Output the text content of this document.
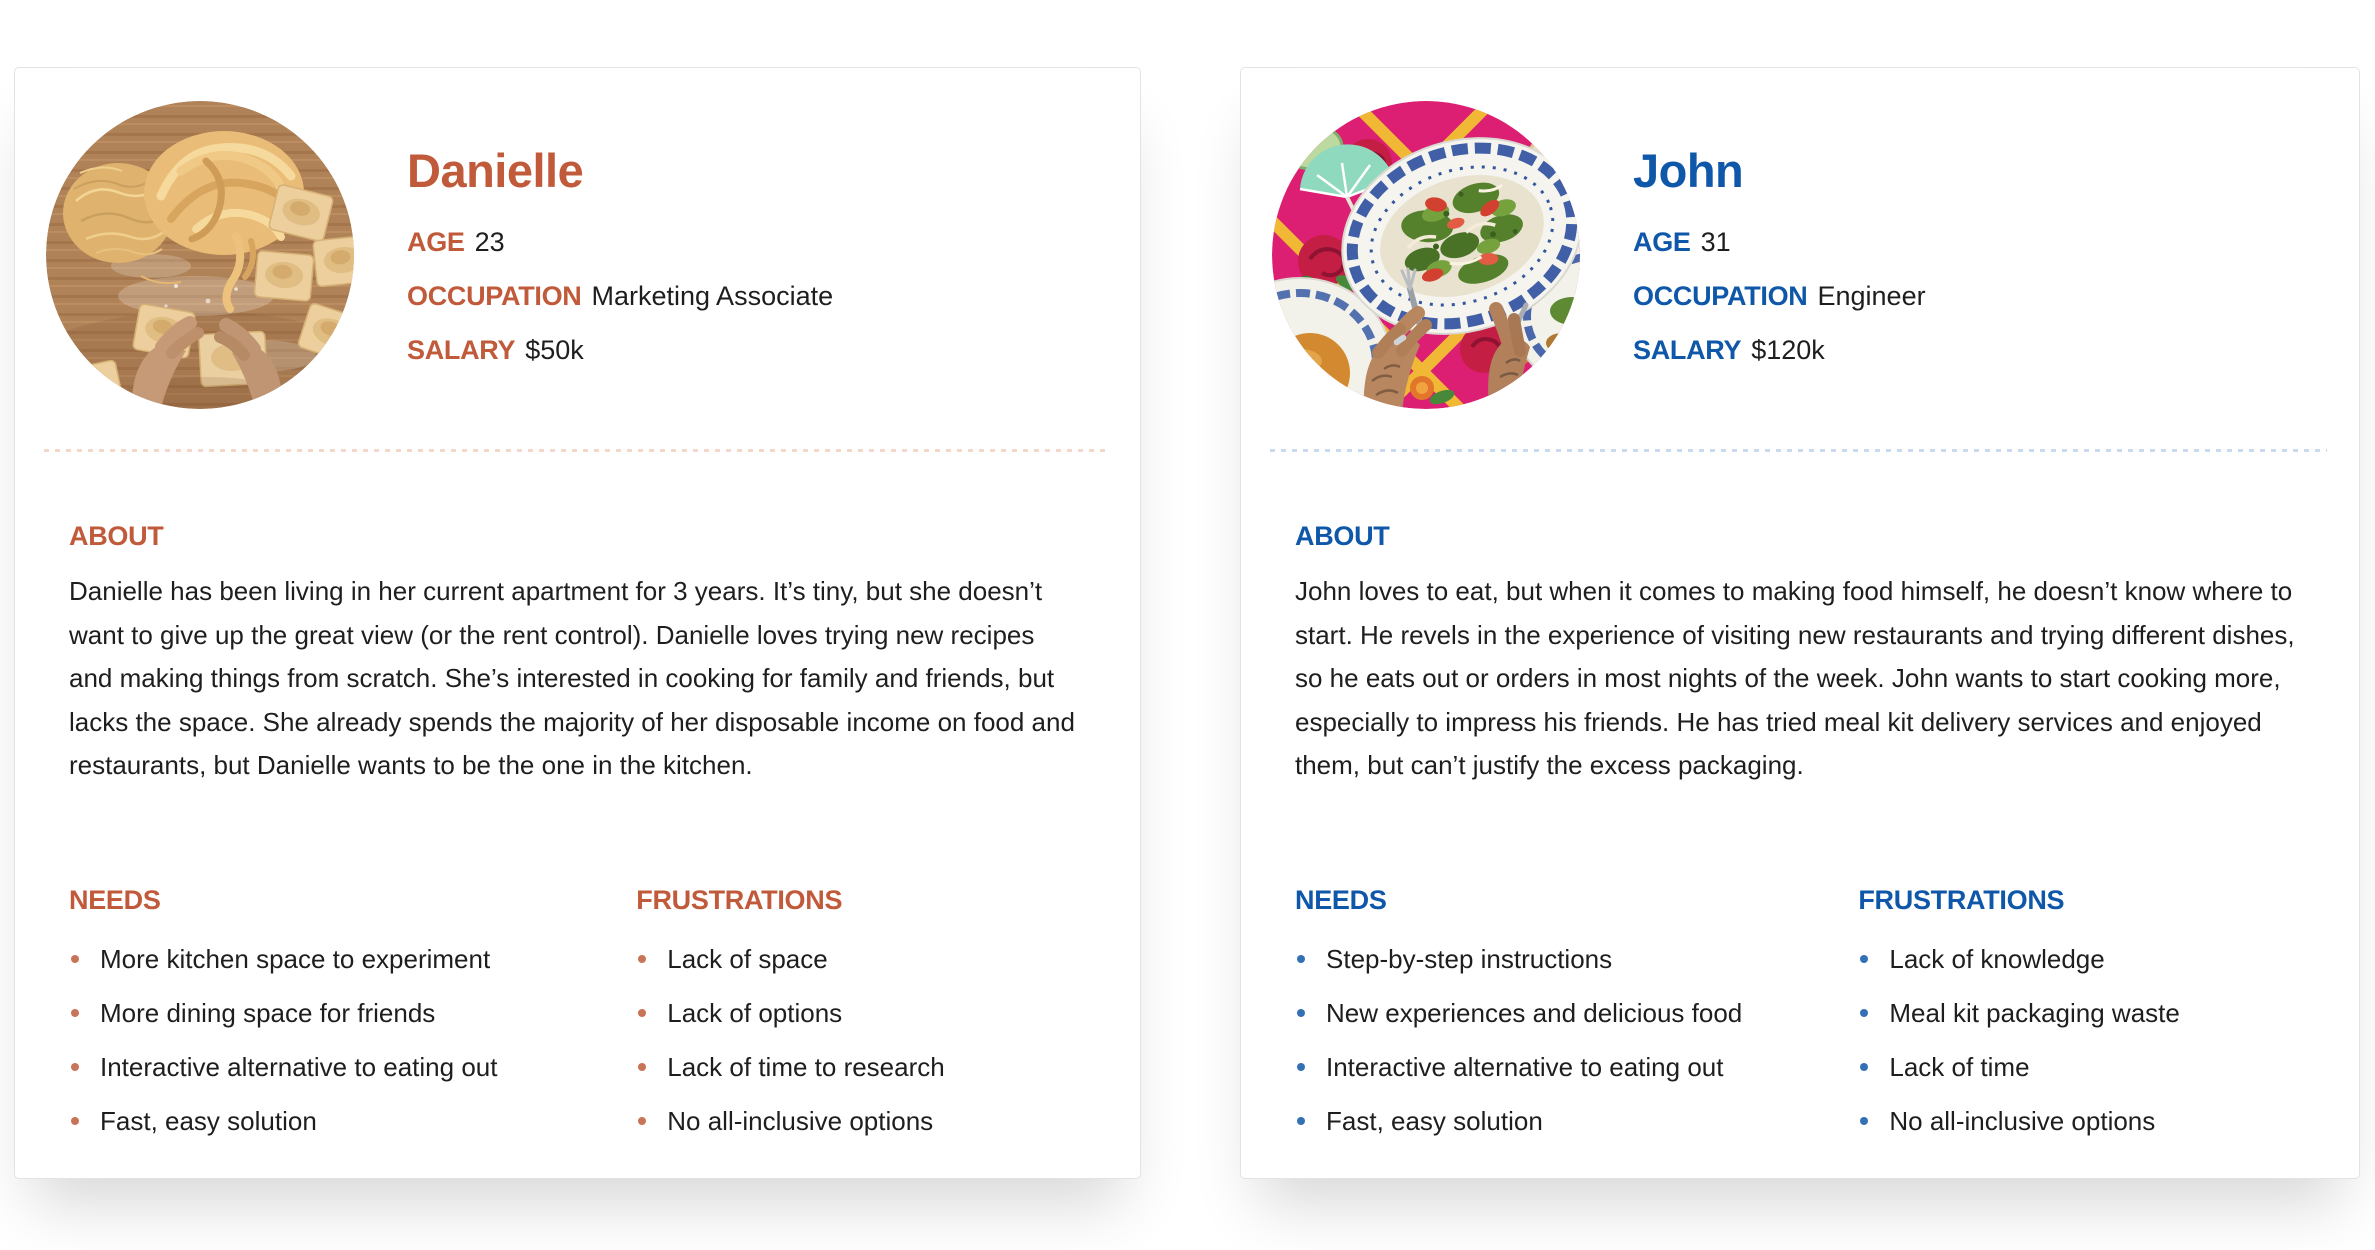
Danielle
AGE 23
OCCUPATION Marketing Associate
SALARY $50k
ABOUT

Danielle has been living in her current apartment for 3 years. It’s tiny, but she doesn’t want to give up the great view (or the rent control). Danielle loves trying new recipes and making things from scratch. She’s interested in cooking for family and friends, but lacks the space. She already spends the majority of her disposable income on food and restaurants, but Danielle wants to be the one in the kitchen.

NEEDS
More kitchen space to experiment
More dining space for friends
Interactive alternative to eating out
Fast, easy solution
FRUSTRATIONS
Lack of space
Lack of options
Lack of time to research
No all-inclusive options
John
AGE 31
OCCUPATION Engineer
SALARY $120k
ABOUT

John loves to eat, but when it comes to making food himself, he doesn’t know where to start. He revels in the experience of visiting new restaurants and trying different dishes, so he eats out or orders in most nights of the week. John wants to start cooking more, especially to impress his friends. He has tried meal kit delivery services and enjoyed them, but can’t justify the excess packaging.

NEEDS
Step-by-step instructions
New experiences and delicious food
Interactive alternative to eating out
Fast, easy solution
FRUSTRATIONS
Lack of knowledge
Meal kit packaging waste
Lack of time
No all-inclusive options
